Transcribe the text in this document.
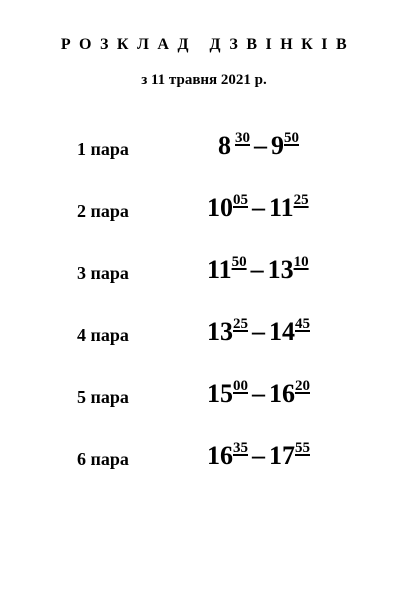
РОЗКЛАД ДЗВІНКІВ
з 11 травня 2021 р.
1 пара	8 $^{30} - 9^{50}$
2 пара	$10^{05} - 11^{25}$
3 пара	$11^{50} - 13^{10}$
4 пара	$13^{25} - 14^{45}$
5 пара	$15^{00} - 16^{20}$
6 пара	$16^{35} - 17^{55}$
